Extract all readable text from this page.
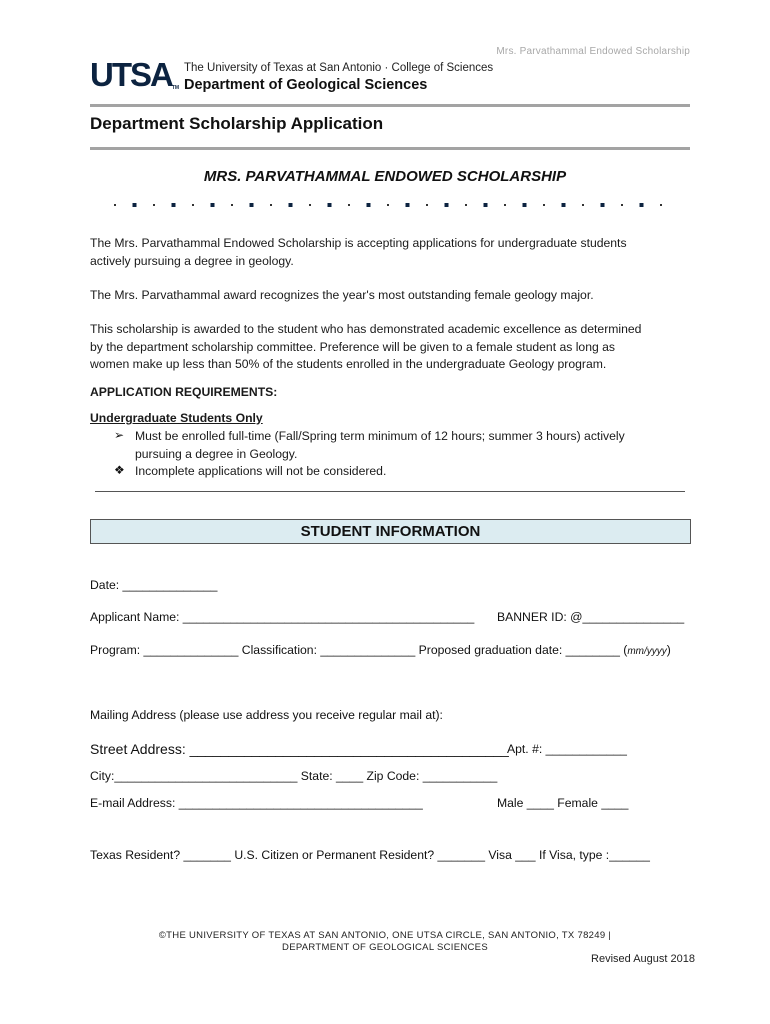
Mrs. Parvathammal Endowed Scholarship
UTSATM
The University of Texas at San Antonio · College of Sciences
Department of Geological Sciences
Department Scholarship Application
MRS. PARVATHAMMAL ENDOWED SCHOLARSHIP
The Mrs. Parvathammal Endowed Scholarship is accepting applications for undergraduate students
actively pursuing a degree in geology.
The Mrs. Parvathammal award recognizes the year's most outstanding female geology major.
This scholarship is awarded to the student who has demonstrated academic excellence as determined
by the department scholarship committee. Preference will be given to a female student as long as
women make up less than 50% of the students enrolled in the undergraduate Geology program.
APPLICATION REQUIREMENTS:
Undergraduate Students Only
➢ Must be enrolled full-time (Fall/Spring term minimum of 12 hours; summer 3 hours) actively
pursuing a degree in Geology.
❖ Incomplete applications will not be considered.
STUDENT INFORMATION
Date: ______________
Applicant Name: ___________________________________________ BANNER ID: @_______________
Program: ______________ Classification: ______________ Proposed graduation date: ________ (mm/yyyy)
Mailing Address (please use address you receive regular mail at):
Street Address: _________________________________________
Apt. #: ____________
City:___________________________ State: ____ Zip Code: ___________
E-mail Address: ____________________________________	Male ____ Female ____
Texas Resident? _______ U.S. Citizen or Permanent Resident? _______ Visa ___ If Visa, type :______
©THE UNIVERSITY OF TEXAS AT SAN ANTONIO, ONE UTSA CIRCLE, SAN ANTONIO, TX 78249 |
DEPARTMENT OF GEOLOGICAL SCIENCES
Revised August 2018
